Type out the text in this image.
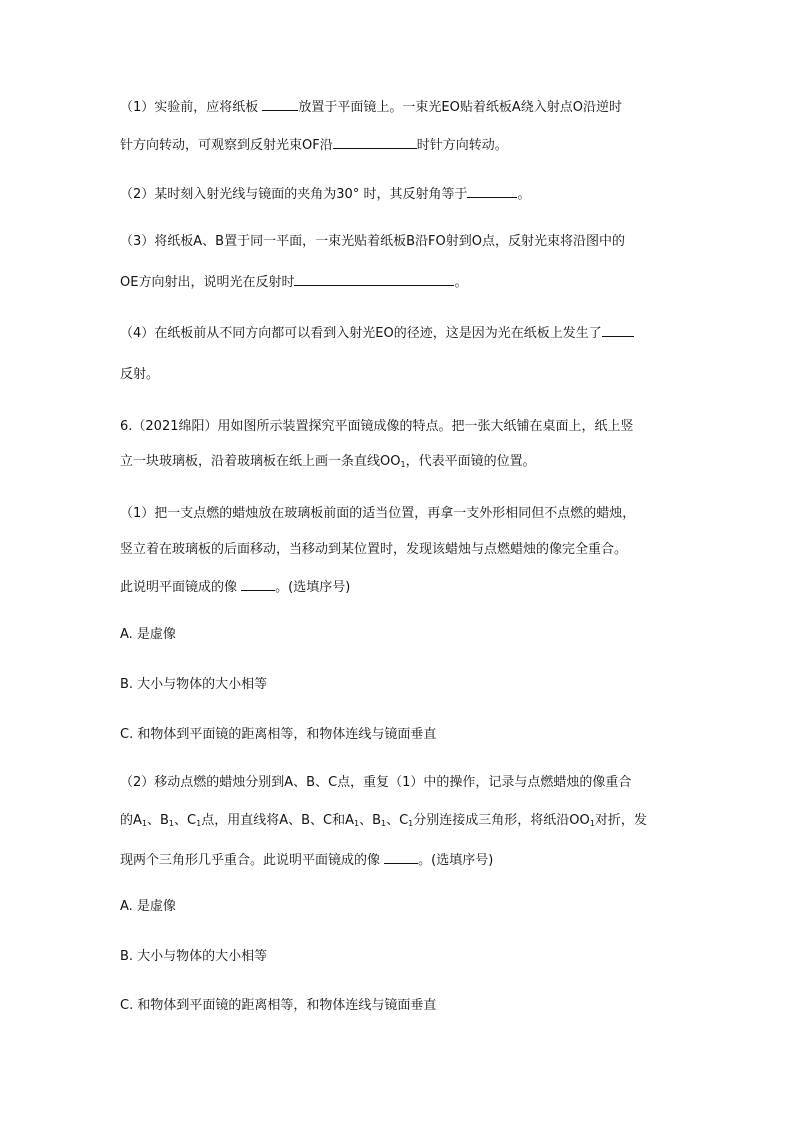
（1）实验前，应将纸板	放置于平面镜上。一束光EO贴着纸板A绕入射点O沿逆时
针方向转动，可观察到反射光束OF沿	时针方向转动。
（2）某时刻入射光线与镜面的夹角为30° 时，其反射角等于	。
（3）将纸板A、B置于同一平面，一束光贴着纸板B沿FO射到O点，反射光束将沿图中的
OE方向射出，说明光在反射时	。
（4）在纸板前从不同方向都可以看到入射光EO的径迹，这是因为光在纸板上发生了
反射。
6.（2021绵阳）用如图所示装置探究平面镜成像的特点。把一张大纸铺在桌面上，纸上竖
立一块玻璃板，沿着玻璃板在纸上画一条直线$OO_1$，代表平面镜的位置。
（1）把一支点燃的蜡烛放在玻璃板前面的适当位置，再拿一支外形相同但不点燃的蜡烛，
竖立着在玻璃板的后面移动，当移动到某位置时，发现该蜡烛与点燃蜡烛的像完全重合。
此说明平面镜成的像	。(选填序号)
A. 是虚像
B. 大小与物体的大小相等
C. 和物体到平面镜的距离相等，和物体连线与镜面垂直
（2）移动点燃的蜡烛分别到A、B、C点，重复（1）中的操作，记录与点燃蜡烛的像重合
的$A_1$、$B_1$、$C_1$点，用直线将A、B、C和$A_1$、$B_1$、$C_1$分别连接成三角形，将纸沿$OO_1$对折，发
现两个三角形几乎重合。此说明平面镜成的像	。(选填序号)
A. 是虚像
B. 大小与物体的大小相等
C. 和物体到平面镜的距离相等，和物体连线与镜面垂直
